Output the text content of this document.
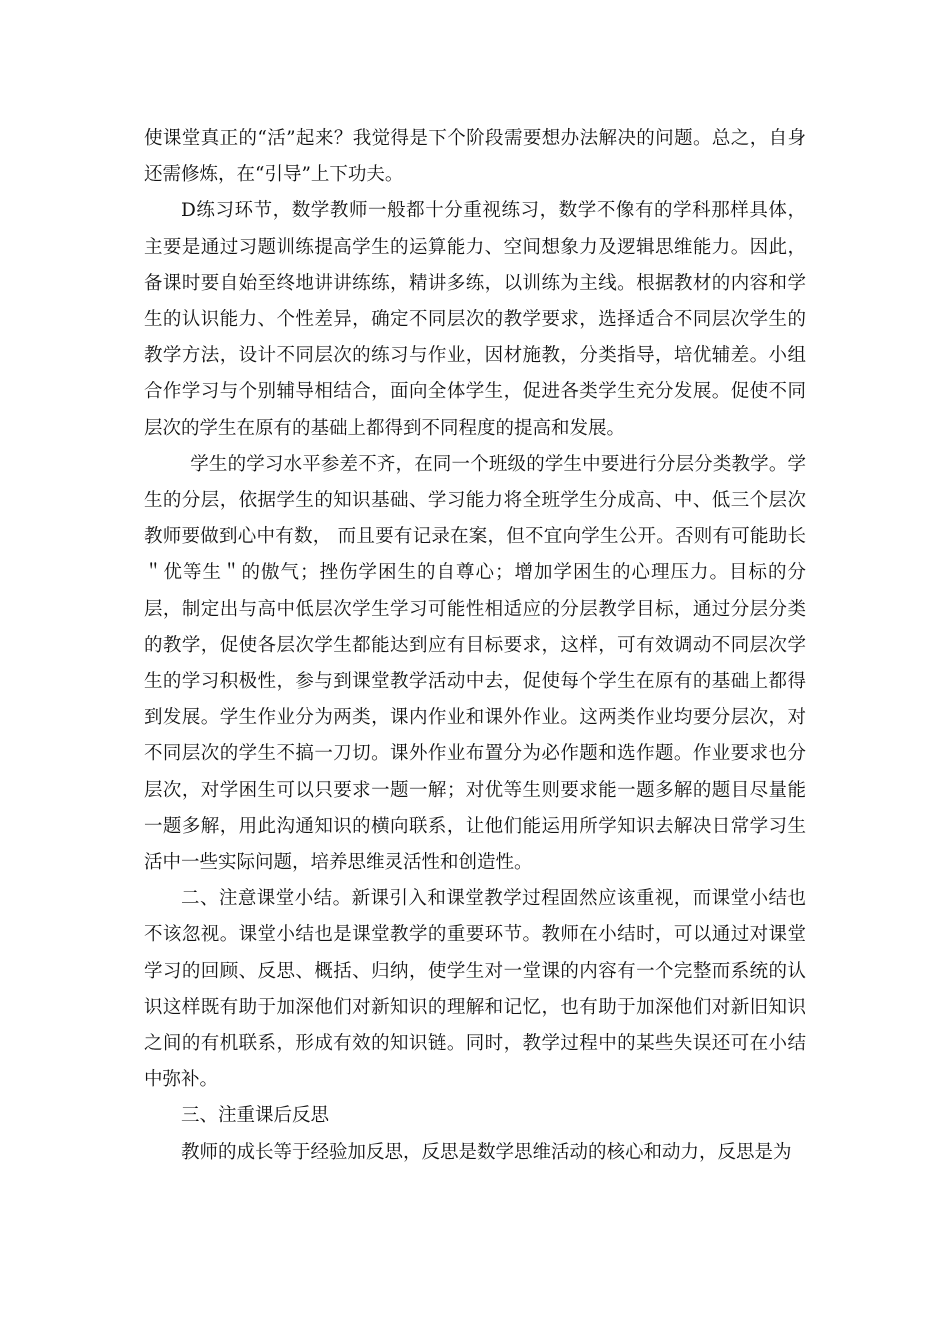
使课堂真正的“活”起来？我觉得是下个阶段需要想办法解决的问题。总之，自身还需修炼，在“引导”上下功夫。

D练习环节，数学教师一般都十分重视练习，数学不像有的学科那样具体，主要是通过习题训练提高学生的运算能力、空间想象力及逻辑思维能力。因此，备课时要自始至终地讲讲练练，精讲多练，以训练为主线。根据教材的内容和学生的认识能力、个性差异，确定不同层次的教学要求，选择适合不同层次学生的教学方法，设计不同层次的练习与作业，因材施教，分类指导，培优辅差。小组合作学习与个别辅导相结合，面向全体学生，促进各类学生充分发展。促使不同层次的学生在原有的基础上都得到不同程度的提高和发展。

学生的学习水平参差不齐，在同一个班级的学生中要进行分层分类教学。学生的分层，依据学生的知识基础、学习能力将全班学生分成高、中、低三个层次教师要做到心中有数， 而且要有记录在案，但不宜向学生公开。否则有可能助长＂优等生＂的傲气；挫伤学困生的自尊心；增加学困生的心理压力。目标的分层，制定出与高中低层次学生学习可能性相适应的分层教学目标，通过分层分类的教学，促使各层次学生都能达到应有目标要求，这样，可有效调动不同层次学生的学习积极性，参与到课堂教学活动中去，促使每个学生在原有的基础上都得到发展。学生作业分为两类，课内作业和课外作业。这两类作业均要分层次，对不同层次的学生不搞一刀切。课外作业布置分为必作题和选作题。作业要求也分层次，对学困生可以只要求一题一解；对优等生则要求能一题多解的题目尽量能一题多解，用此沟通知识的横向联系，让他们能运用所学知识去解决日常学习生活中一些实际问题，培养思维灵活性和创造性。

二、注意课堂小结。新课引入和课堂教学过程固然应该重视，而课堂小结也不该忽视。课堂小结也是课堂教学的重要环节。教师在小结时，可以通过对课堂学习的回顾、反思、概括、归纳，使学生对一堂课的内容有一个完整而系统的认识这样既有助于加深他们对新知识的理解和记忆，也有助于加深他们对新旧知识之间的有机联系，形成有效的知识链。同时，教学过程中的某些失误还可在小结中弥补。

三、注重课后反思

教师的成长等于经验加反思，反思是数学思维活动的核心和动力，反思是为
